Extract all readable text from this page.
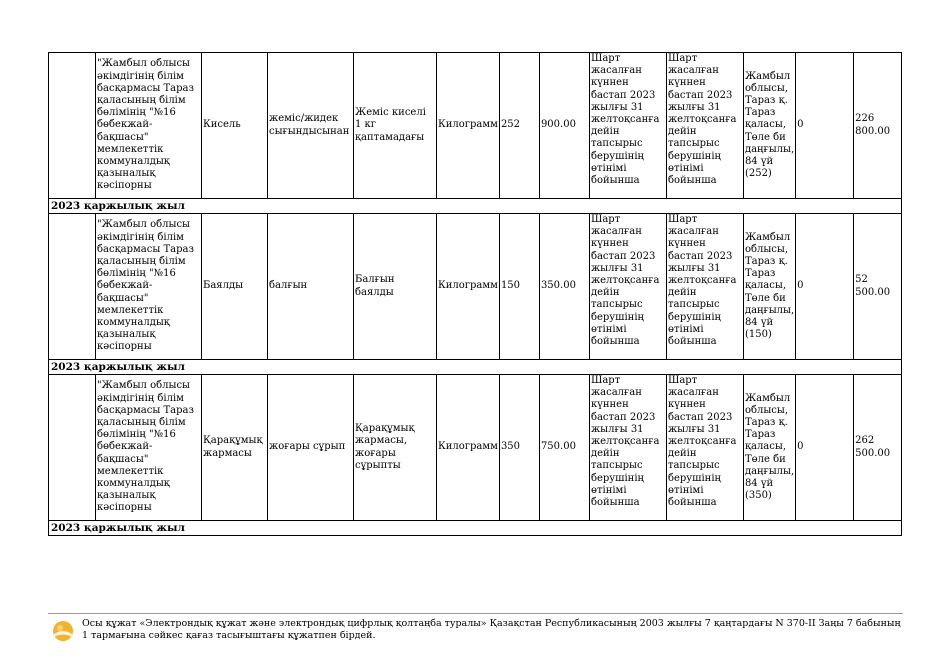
	"Жамбыл облысы әкімдігінің білім басқармасы Тараз қаласының білім бөлімінің "№16 бөбекжай-бақшасы" мемлекеттік коммуналдық қазыналық кәсіпорны	Кисель	жеміс/жидек сығындысынан	Жеміс киселі 1 кг қаптамадағы	Килограмм	252	900.00	Шарт жасалған күннен бастап 2023 жылғы 31 желтоқсанға дейін тапсырыс берушінің өтінімі бойынша	Шарт жасалған күннен бастап 2023 жылғы 31 желтоқсанға дейін тапсырыс берушінің өтінімі бойынша	Жамбыл облысы, Тараз қ. Тараз қаласы, Төле би даңғылы, 84 үй (252)	0	226 800.00
2023 қаржылық жыл												
	"Жамбыл облысы әкімдігінің білім басқармасы Тараз қаласының білім бөлімінің "№16 бөбекжай-бақшасы" мемлекеттік коммуналдық қазыналық кәсіпорны	Баялды	балғын	Балғын баялды	Килограмм	150	350.00	Шарт жасалған күннен бастап 2023 жылғы 31 желтоқсанға дейін тапсырыс берушінің өтінімі бойынша	Шарт жасалған күннен бастап 2023 жылғы 31 желтоқсанға дейін тапсырыс берушінің өтінімі бойынша	Жамбыл облысы, Тараз қ. Тараз қаласы, Төле би даңғылы, 84 үй (150)	0	52 500.00
2023 қаржылық жыл												
	"Жамбыл облысы әкімдігінің білім басқармасы Тараз қаласының білім бөлімінің "№16 бөбекжай-бақшасы" мемлекеттік коммуналдық қазыналық кәсіпорны	Қарақұмық жармасы	жоғары сұрып	Қарақұмық жармасы, жоғары сұрыпты	Килограмм	350	750.00	Шарт жасалған күннен бастап 2023 жылғы 31 желтоқсанға дейін тапсырыс берушінің өтінімі бойынша	Шарт жасалған күннен бастап 2023 жылғы 31 желтоқсанға дейін тапсырыс берушінің өтінімі бойынша	Жамбыл облысы, Тараз қ. Тараз қаласы, Төле би даңғылы, 84 үй (350)	0	262 500.00
2023 қаржылық жыл												
Осы құжат «Электрондық құжат және электрондық цифрлық қолтаңба туралы» Қазақстан Республикасының 2003 жылғы 7 қаңтардағы N 370-II Заңы 7 бабының 1 тармағына сәйкес қағаз тасығыштағы құжатпен бірдей.
